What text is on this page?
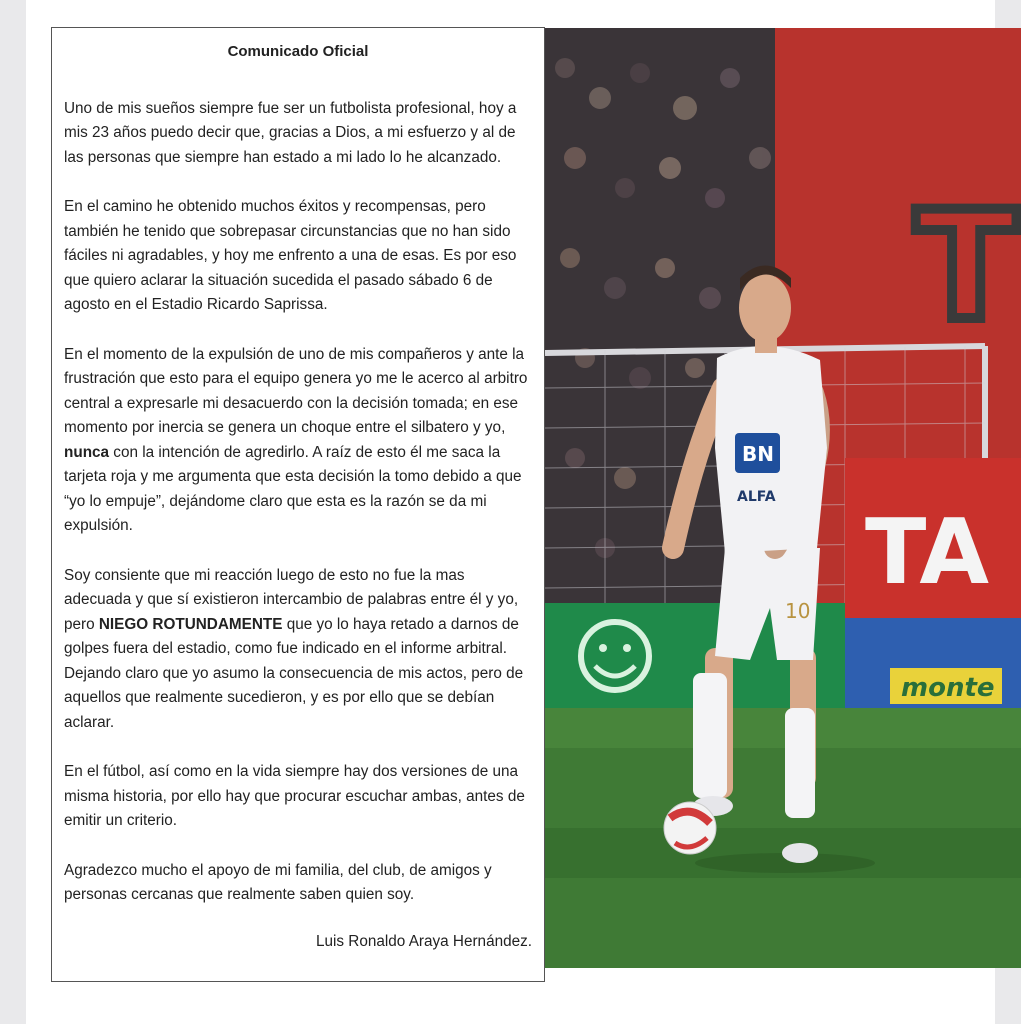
Comunicado Oficial

Uno de mis sueños siempre fue ser un futbolista profesional, hoy a mis 23 años puedo decir que, gracias a Dios, a mi esfuerzo y al de las personas que siempre han estado a mi lado lo he alcanzado.

En el camino he obtenido muchos éxitos y recompensas, pero también he tenido que sobrepasar circunstancias que no han sido fáciles ni agradables, y hoy me enfrento a una de esas. Es por eso que quiero aclarar la situación sucedida el pasado sábado 6 de agosto en el Estadio Ricardo Saprissa.

En el momento de la expulsión de uno de mis compañeros y ante la frustración que esto para el equipo genera yo me le acerco al arbitro central a expresarle mi desacuerdo con la decisión tomada; en ese momento por inercia se genera un choque entre el silbatero y yo, nunca con la intención de agredirlo. A raíz de esto él me saca la tarjeta roja y me argumenta que esta decisión la tomo debido a que “yo lo empuje”, dejándome claro que esta es la razón se da mi expulsión.

Soy consiente que mi reacción luego de esto no fue la mas adecuada y que sí existieron intercambio de palabras entre él y yo, pero NIEGO ROTUNDAMENTE que yo lo haya retado a darnos de golpes fuera del estadio, como fue indicado en el informe arbitral. Dejando claro que yo asumo la consecuencia de mis actos, pero de aquellos que realmente sucedieron, y es por ello que se debían aclarar.

En el fútbol, así como en la vida siempre hay dos versiones de una misma historia, por ello hay que procurar escuchar ambas, antes de emitir un criterio.

Agradezco mucho el apoyo de mi familia, del club, de amigos y personas cercanas que realmente saben quien soy.

Luis Ronaldo Araya Hernández.
T
TA
monte
10
BN
ALFA
